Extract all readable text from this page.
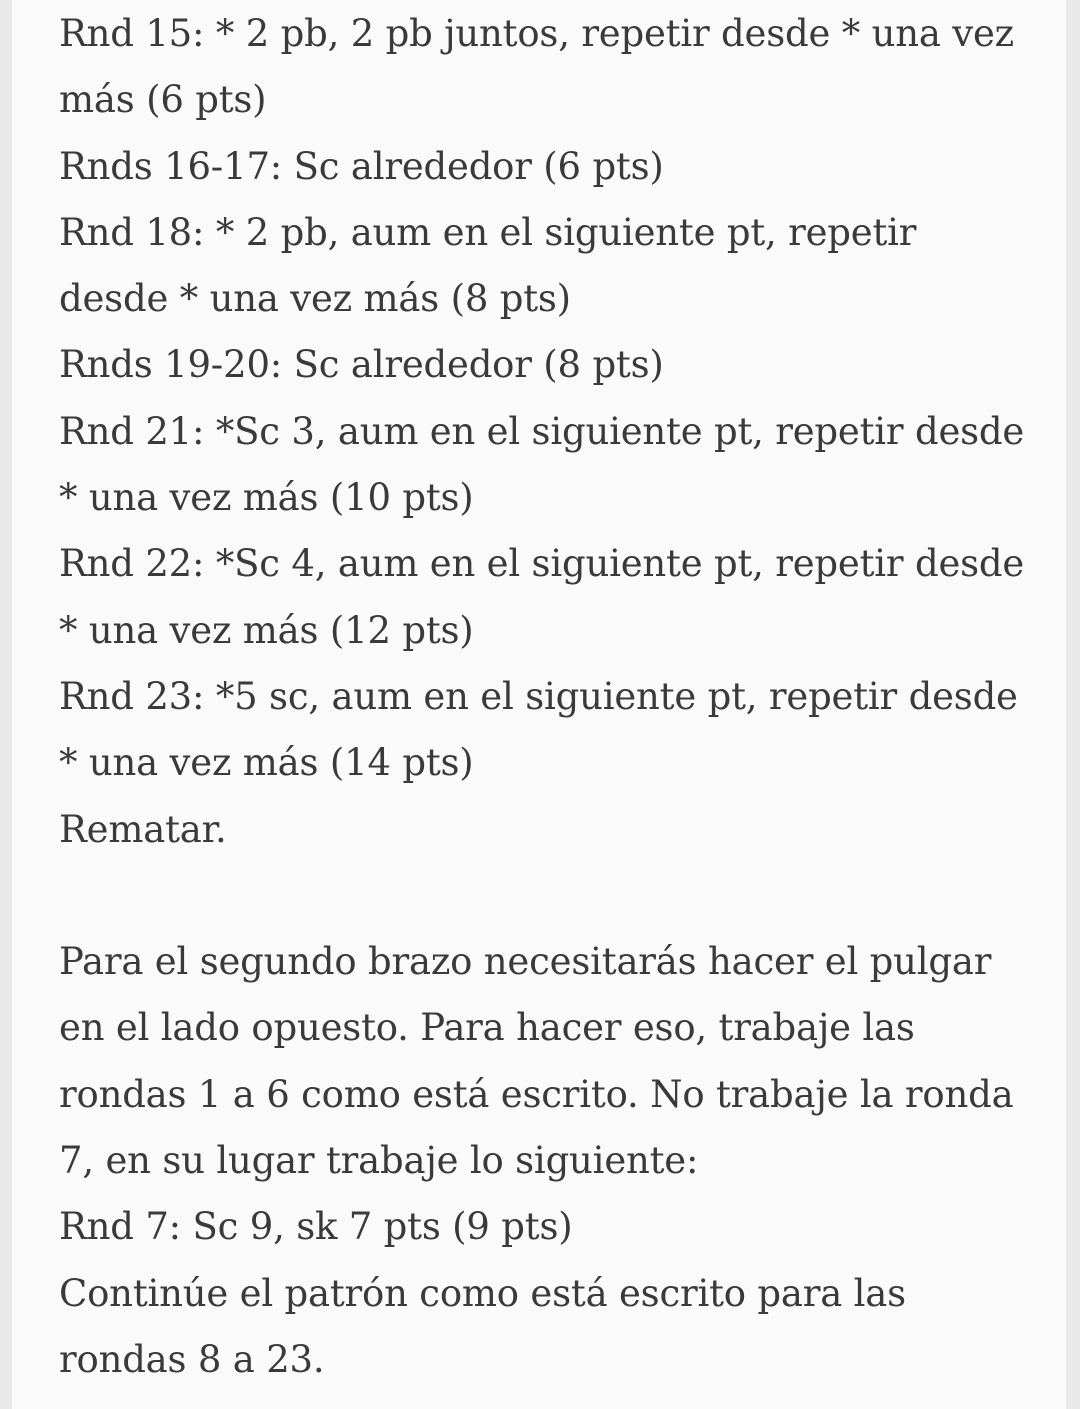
Rnd 15: * 2 pb, 2 pb juntos, repetir desde * una vez
más (6 pts)
Rnds 16-17: Sc alrededor (6 pts)
Rnd 18: * 2 pb, aum en el siguiente pt, repetir
desde * una vez más (8 pts)
Rnds 19-20: Sc alrededor (8 pts)
Rnd 21: *Sc 3, aum en el siguiente pt, repetir desde
* una vez más (10 pts)
Rnd 22: *Sc 4, aum en el siguiente pt, repetir desde
* una vez más (12 pts)
Rnd 23: *5 sc, aum en el siguiente pt, repetir desde
* una vez más (14 pts)
Rematar.
Para el segundo brazo necesitarás hacer el pulgar
en el lado opuesto. Para hacer eso, trabaje las
rondas 1 a 6 como está escrito. No trabaje la ronda
7, en su lugar trabaje lo siguiente:
Rnd 7: Sc 9, sk 7 pts (9 pts)
Continúe el patrón como está escrito para las
rondas 8 a 23.
